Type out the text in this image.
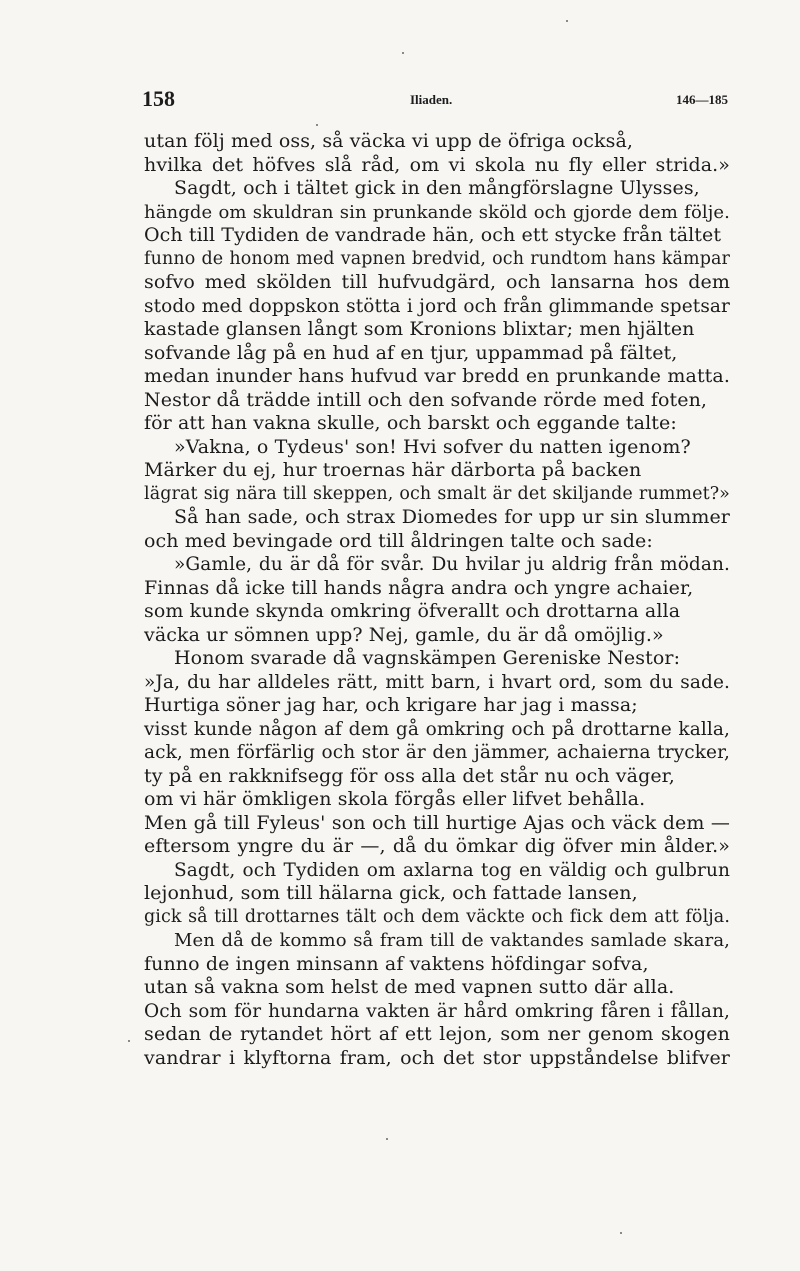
158	Iliaden.	146—185
utan följ med oss, så väcka vi upp de öfriga också,
hvilka det höfves slå råd, om vi skola nu fly eller strida.»
Sagdt, och i tältet gick in den mångförslagne Ulysses,
hängde om skuldran sin prunkande sköld och gjorde dem följe.
Och till Tydiden de vandrade hän, och ett stycke från tältet
funno de honom med vapnen bredvid, och rundtom hans kämpar
sofvo med skölden till hufvudgärd, och lansarna hos dem
stodo med doppskon stötta i jord och från glimmande spetsar
kastade glansen långt som Kronions blixtar; men hjälten
sofvande låg på en hud af en tjur, uppammad på fältet,
medan inunder hans hufvud var bredd en prunkande matta.
Nestor då trädde intill och den sofvande rörde med foten,
för att han vakna skulle, och barskt och eggande talte:
»Vakna, o Tydeus' son! Hvi sofver du natten igenom?
Märker du ej, hur troernas här därborta på backen
lägrat sig nära till skeppen, och smalt är det skiljande rummet?»
Så han sade, och strax Diomedes for upp ur sin slummer
och med bevingade ord till åldringen talte och sade:
»Gamle, du är då för svår. Du hvilar ju aldrig från mödan.
Finnas då icke till hands några andra och yngre achaier,
som kunde skynda omkring öfverallt och drottarna alla
väcka ur sömnen upp? Nej, gamle, du är då omöjlig.»
Honom svarade då vagnskämpen Gereniske Nestor:
»Ja, du har alldeles rätt, mitt barn, i hvart ord, som du sade.
Hurtiga söner jag har, och krigare har jag i massa;
visst kunde någon af dem gå omkring och på drottarne kalla,
ack, men förfärlig och stor är den jämmer, achaierna trycker,
ty på en rakknifsegg för oss alla det står nu och väger,
om vi här ömkligen skola förgås eller lifvet behålla.
Men gå till Fyleus' son och till hurtige Ajas och väck dem —
eftersom yngre du är —, då du ömkar dig öfver min ålder.»
Sagdt, och Tydiden om axlarna tog en väldig och gulbrun
lejonhud, som till hälarna gick, och fattade lansen,
gick så till drottarnes tält och dem väckte och fick dem att följa.
Men då de kommo så fram till de vaktandes samlade skara,
funno de ingen minsann af vaktens höfdingar sofva,
utan så vakna som helst de med vapnen sutto där alla.
Och som för hundarna vakten är hård omkring fåren i fållan,
sedan de rytandet hört af ett lejon, som ner genom skogen
vandrar i klyftorna fram, och det stor uppståndelse blifver
